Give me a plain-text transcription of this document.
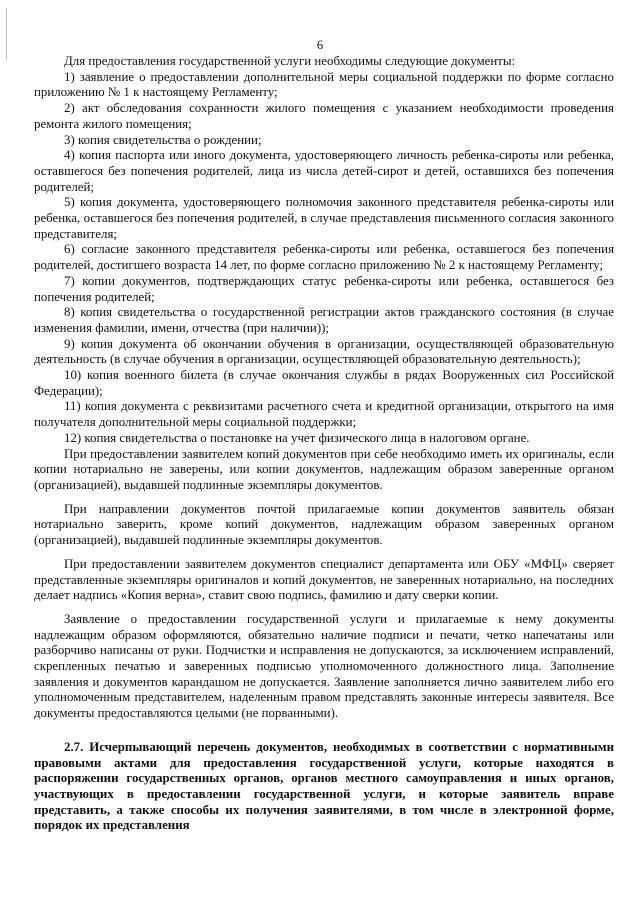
6

Для предоставления государственной услуги необходимы следующие документы:

1) заявление о предоставлении дополнительной меры социальной поддержки по форме согласно приложению № 1 к настоящему Регламенту;

2) акт обследования сохранности жилого помещения с указанием необходимости проведения ремонта жилого помещения;

3) копия свидетельства о рождении;

4) копия паспорта или иного документа, удостоверяющего личность ребенка-сироты или ребенка, оставшегося без попечения родителей, лица из числа детей-сирот и детей, оставшихся без попечения родителей;

5) копия документа, удостоверяющего полномочия законного представителя ребенка-сироты или ребенка, оставшегося без попечения родителей, в случае представления письменного согласия законного представителя;

6) согласие законного представителя ребенка-сироты или ребенка, оставшегося без попечения родителей, достигшего возраста 14 лет, по форме согласно приложению № 2 к настоящему Регламенту;

7) копии документов, подтверждающих статус ребенка-сироты или ребенка, оставшегося без попечения родителей;

8) копия свидетельства о государственной регистрации актов гражданского состояния (в случае изменения фамилии, имени, отчества (при наличии));

9) копия документа об окончании обучения в организации, осуществляющей образовательную деятельность (в случае обучения в организации, осуществляющей образовательную деятельность);

10) копия военного билета (в случае окончания службы в рядах Вооруженных сил Российской Федерации);

11) копия документа с реквизитами расчетного счета и кредитной организации, открытого на имя получателя дополнительной меры социальной поддержки;

12) копия свидетельства о постановке на учет физического лица в налоговом органе.

При предоставлении заявителем копий документов при себе необходимо иметь их оригиналы, если копии нотариально не заверены, или копии документов, надлежащим образом заверенные органом (организацией), выдавшей подлинные экземпляры документов.

При направлении документов почтой прилагаемые копии документов заявитель обязан нотариально заверить, кроме копий документов, надлежащим образом заверенных органом (организацией), выдавшей подлинные экземпляры документов.

При предоставлении заявителем документов специалист департамента или ОБУ «МФЦ» сверяет представленные экземпляры оригиналов и копий документов, не заверенных нотариально, на последних делает надпись «Копия верна», ставит свою подпись, фамилию и дату сверки копии.

Заявление о предоставлении государственной услуги и прилагаемые к нему документы надлежащим образом оформляются, обязательно наличие подписи и печати, четко напечатаны или разборчиво написаны от руки. Подчистки и исправления не допускаются, за исключением исправлений, скрепленных печатью и заверенных подписью уполномоченного должностного лица. Заполнение заявления и документов карандашом не допускается. Заявление заполняется лично заявителем либо его уполномоченным представителем, наделенным правом представлять законные интересы заявителя. Все документы предоставляются целыми (не порванными).

2.7. Исчерпывающий перечень документов, необходимых в соответствии с нормативными правовыми актами для предоставления государственной услуги, которые находятся в распоряжении государственных органов, органов местного самоуправления и иных органов, участвующих в предоставлении государственной услуги, и которые заявитель вправе представить, а также способы их получения заявителями, в том числе в электронной форме, порядок их представления
